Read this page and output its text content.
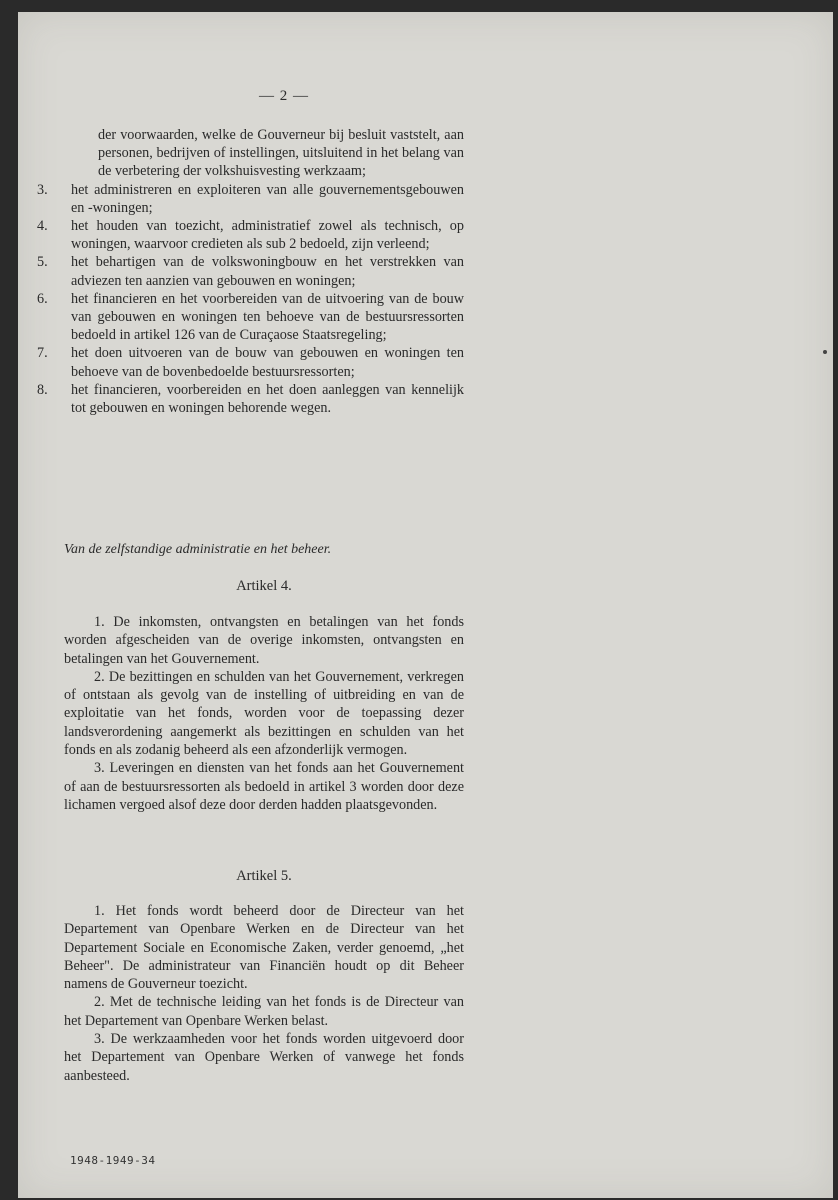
— 2 —
der voorwaarden, welke de Gouverneur bij besluit vaststelt, aan personen, bedrijven of instellingen, uitsluitend in het belang van de verbetering der volkshuisvesting werkzaam;
3. het administreren en exploiteren van alle gouvernementsgebouwen en -woningen;
4. het houden van toezicht, administratief zowel als technisch, op woningen, waarvoor credieten als sub 2 bedoeld, zijn verleend;
5. het behartigen van de volkswoningbouw en het verstrekken van adviezen ten aanzien van gebouwen en woningen;
6. het financieren en het voorbereiden van de uitvoering van de bouw van gebouwen en woningen ten behoeve van de bestuursressorten bedoeld in artikel 126 van de Curaçaose Staatsregeling;
7. het doen uitvoeren van de bouw van gebouwen en woningen ten behoeve van de bovenbedoelde bestuursressorten;
8. het financieren, voorbereiden en het doen aanleggen van kennelijk tot gebouwen en woningen behorende wegen.
Van de zelfstandige administratie en het beheer.
Artikel 4.

1. De inkomsten, ontvangsten en betalingen van het fonds worden afgescheiden van de overige inkomsten, ontvangsten en betalingen van het Gouvernement.

2. De bezittingen en schulden van het Gouvernement, verkregen of ontstaan als gevolg van de instelling of uitbreiding en van de exploitatie van het fonds, worden voor de toepassing dezer landsverordening aangemerkt als bezittingen en schulden van het fonds en als zodanig beheerd als een afzonderlijk vermogen.

3. Leveringen en diensten van het fonds aan het Gouvernement of aan de bestuursressorten als bedoeld in artikel 3 worden door deze lichamen vergoed alsof deze door derden hadden plaatsgevonden.

Artikel 5.

1. Het fonds wordt beheerd door de Directeur van het Departement van Openbare Werken en de Directeur van het Departement Sociale en Economische Zaken, verder genoemd, „het Beheer". De administrateur van Financiën houdt op dit Beheer namens de Gouverneur toezicht.

2. Met de technische leiding van het fonds is de Directeur van het Departement van Openbare Werken belast.

3. De werkzaamheden voor het fonds worden uitgevoerd door het Departement van Openbare Werken of vanwege het fonds aanbesteed.

1948-1949-34
